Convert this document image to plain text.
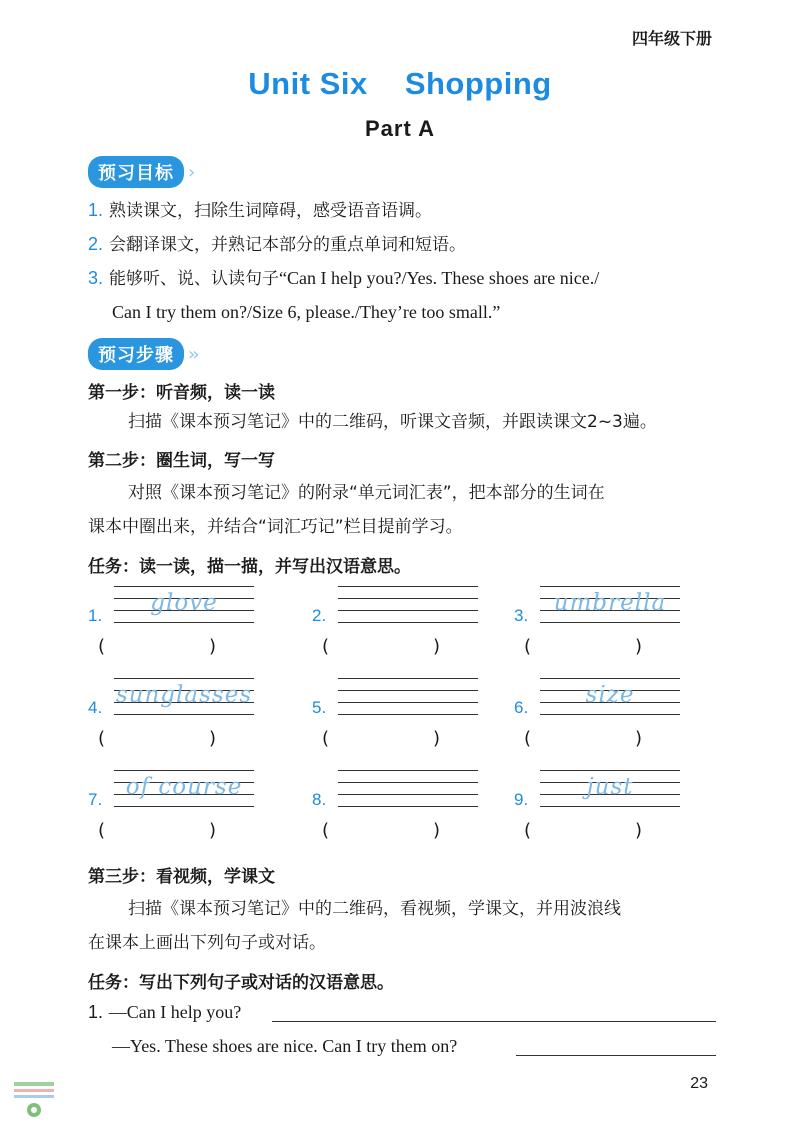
四年级下册
Unit Six Shopping
Part A
预习目标 ›
1. 熟读课文，扫除生词障碍，感受语音语调。
2. 会翻译课文，并熟记本部分的重点单词和短语。
3. 能够听、说、认读句子“Can I help you?/Yes. These shoes are nice./
Can I try them on?/Size 6, please./They’re too small.”
预习步骤 ››
第一步：听音频，读一读
扫描《课本预习笔记》中的二维码，听课文音频，并跟读课文2~3遍。
第二步：圈生词，写一写
对照《课本预习笔记》的附录“单元词汇表”，把本部分的生词在
课本中圈出来，并结合“词汇巧记”栏目提前学习。
任务：读一读，描一描，并写出汉语意思。
1.	glove
(	)
2.
(	)
3.	umbrella
(	)
4. sunglasses
(	)
5.
(	)
6.	size
(	)
7.	of course
(	)
8.
(	)
9.	just
(	)
第三步：看视频，学课文
扫描《课本预习笔记》中的二维码，看视频，学课文，并用波浪线
在课本上画出下列句子或对话。
任务：写出下列句子或对话的汉语意思。
1. —Can I help you?
—Yes. These shoes are nice. Can I try them on?
23
